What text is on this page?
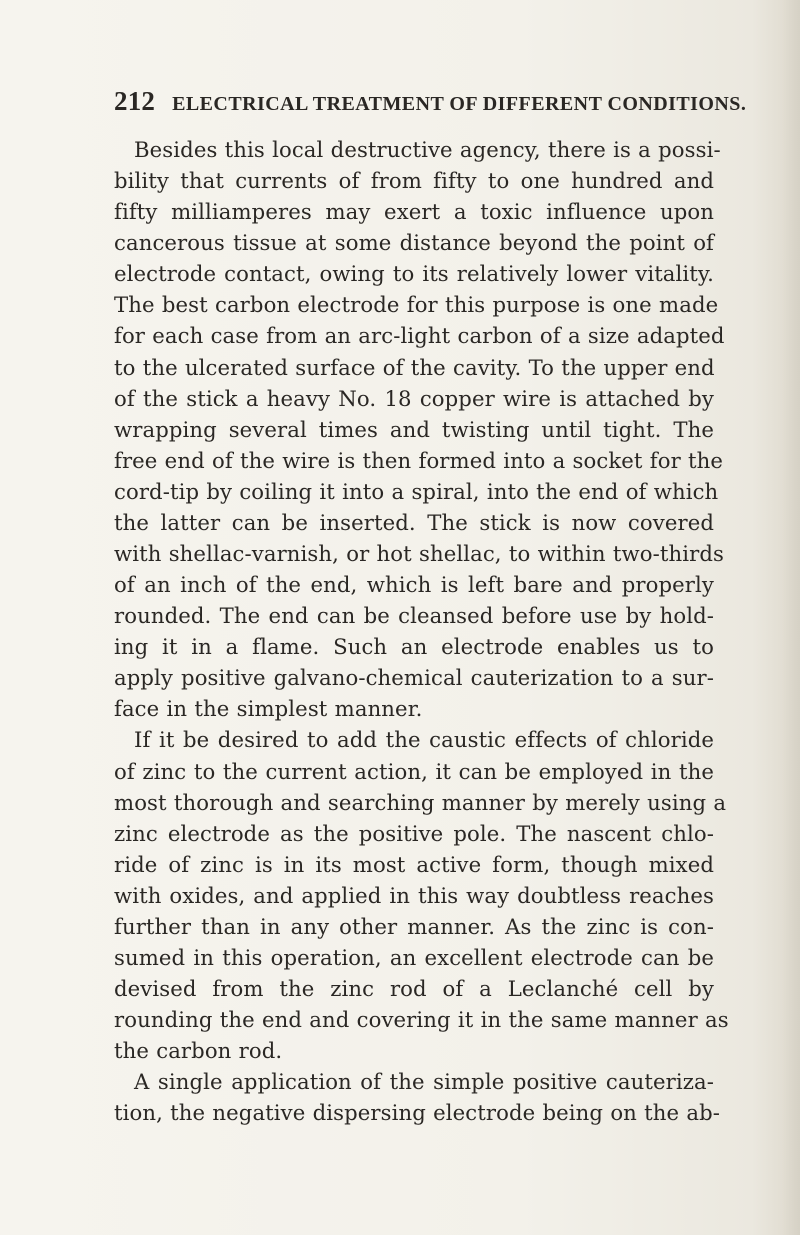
212 ELECTRICAL TREATMENT OF DIFFERENT CONDITIONS.
Besides this local destructive agency, there is a possi-
bility that currents of from fifty to one hundred and
fifty milliamperes may exert a toxic influence upon
cancerous tissue at some distance beyond the point of
electrode contact, owing to its relatively lower vitality.
The best carbon electrode for this purpose is one made
for each case from an arc-light carbon of a size adapted
to the ulcerated surface of the cavity. To the upper end
of the stick a heavy No. 18 copper wire is attached by
wrapping several times and twisting until tight. The
free end of the wire is then formed into a socket for the
cord-tip by coiling it into a spiral, into the end of which
the latter can be inserted. The stick is now covered
with shellac-varnish, or hot shellac, to within two-thirds
of an inch of the end, which is left bare and properly
rounded. The end can be cleansed before use by hold-
ing it in a flame. Such an electrode enables us to
apply positive galvano-chemical cauterization to a sur-
face in the simplest manner.
If it be desired to add the caustic effects of chloride
of zinc to the current action, it can be employed in the
most thorough and searching manner by merely using a
zinc electrode as the positive pole. The nascent chlo-
ride of zinc is in its most active form, though mixed
with oxides, and applied in this way doubtless reaches
further than in any other manner. As the zinc is con-
sumed in this operation, an excellent electrode can be
devised from the zinc rod of a Leclanché cell by
rounding the end and covering it in the same manner as
the carbon rod.
A single application of the simple positive cauteriza-
tion, the negative dispersing electrode being on the ab-
